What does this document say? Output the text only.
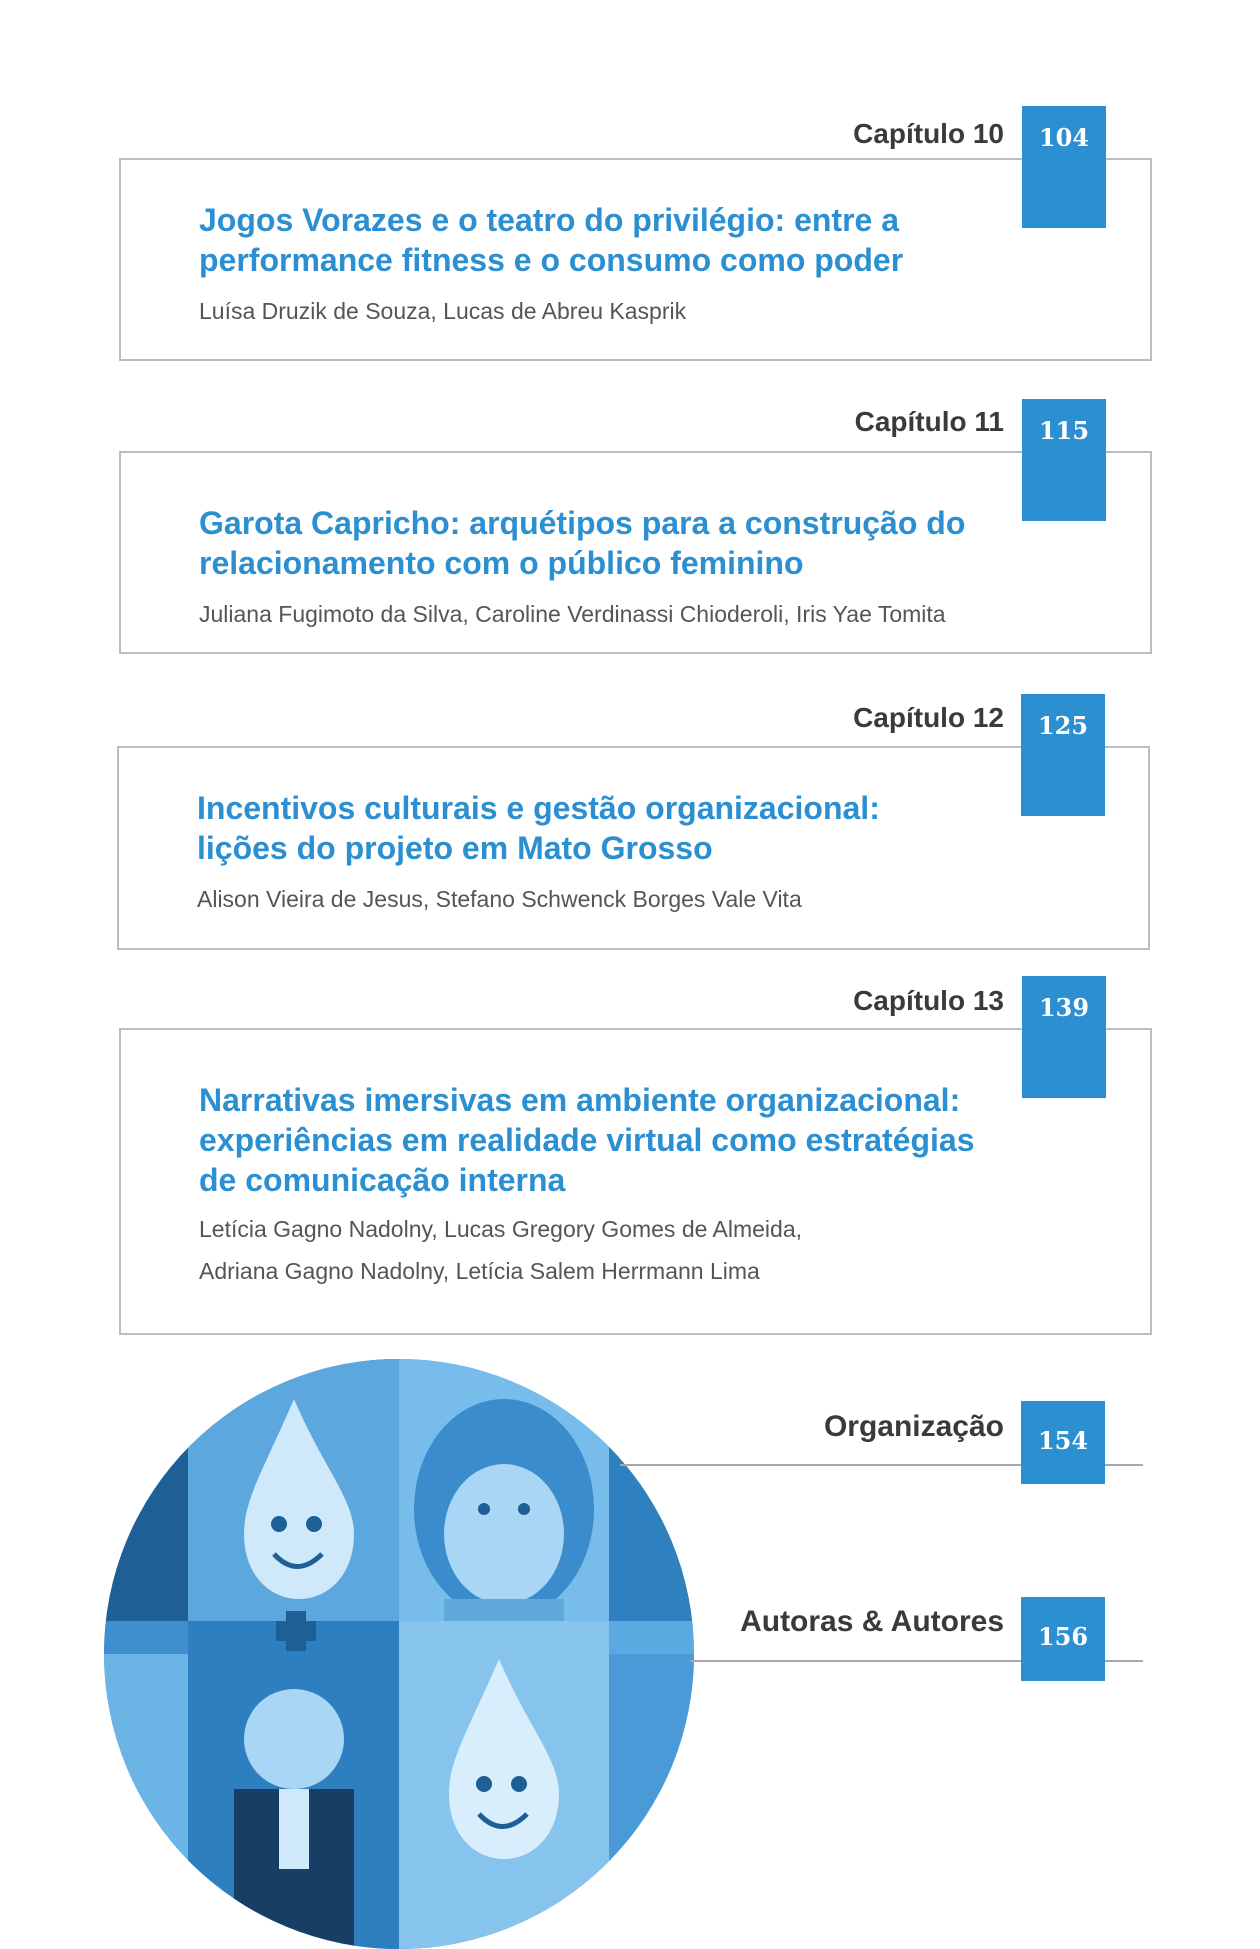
Capítulo 10
Jogos Vorazes e o teatro do privilégio: entre a
performance fitness e o consumo como poder
Luísa Druzik de Souza, Lucas de Abreu Kasprik
104
Capítulo 11
Garota Capricho: arquétipos para a construção do
relacionamento com o público feminino
Juliana Fugimoto da Silva, Caroline Verdinassi Chioderoli, Iris Yae Tomita
115
Capítulo 12
Incentivos culturais e gestão organizacional:
lições do projeto em Mato Grosso
Alison Vieira de Jesus, Stefano Schwenck Borges Vale Vita
125
Capítulo 13
Narrativas imersivas em ambiente organizacional:
experiências em realidade virtual como estratégias
de comunicação interna
Letícia Gagno Nadolny, Lucas Gregory Gomes de Almeida,
Adriana Gagno Nadolny, Letícia Salem Herrmann Lima
139
Organização	154
Autoras & Autores	156
